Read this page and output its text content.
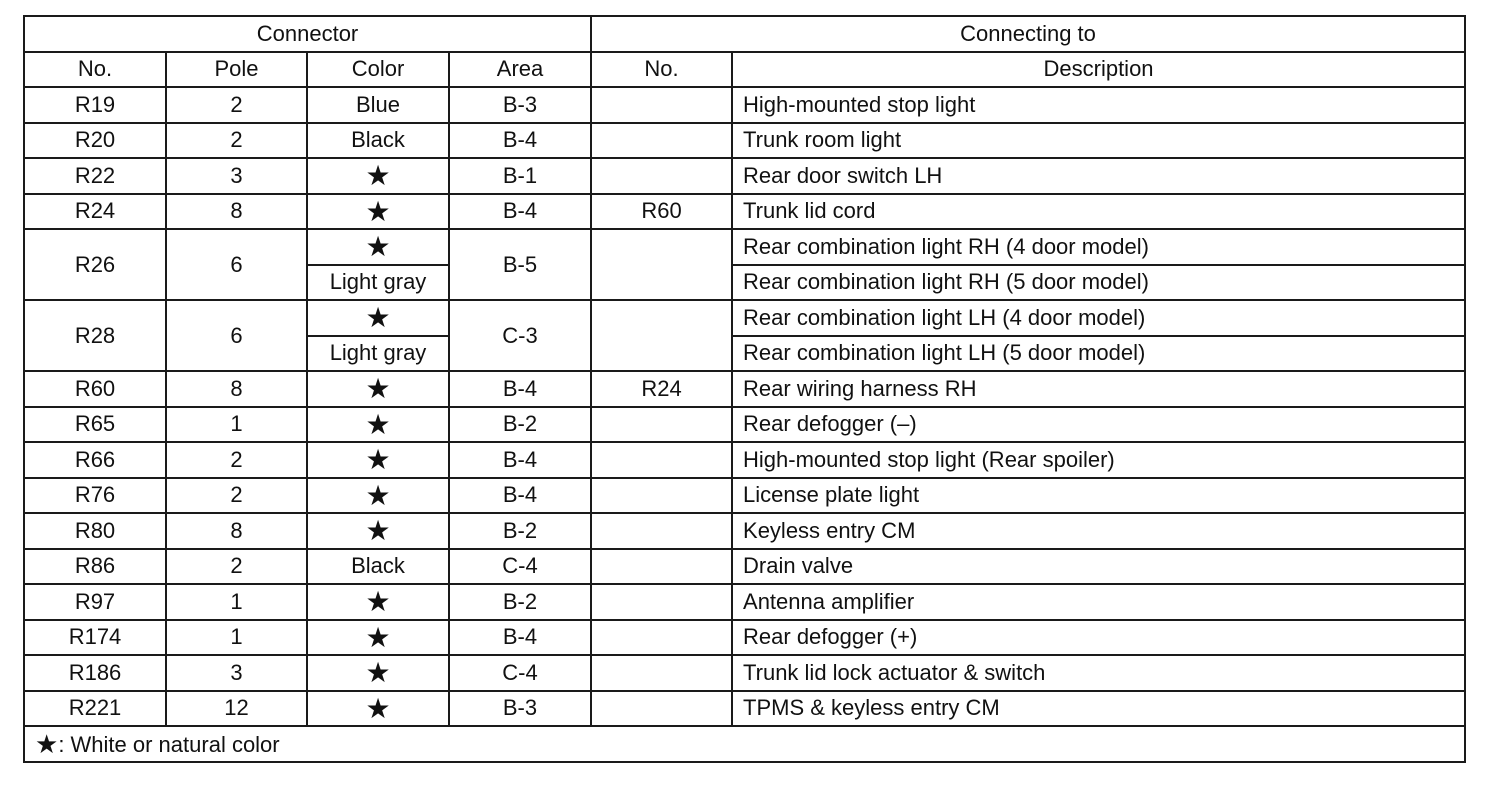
Connector				Connecting to	
No.	Pole	Color	Area	No.	Description
R19	2	Blue	B-3		High-mounted stop light
R20	2	Black	B-4		Trunk room light
R22	3	★	B-1		Rear door switch LH
R24	8	★	B-4	R60	Trunk lid cord
R26	6	★	B-5		Rear combination light RH (4 door model)
		Light gray			Rear combination light RH (5 door model)
R28	6	★	C-3		Rear combination light LH (4 door model)
		Light gray			Rear combination light LH (5 door model)
R60	8	★	B-4	R24	Rear wiring harness RH
R65	1	★	B-2		Rear defogger (–)
R66	2	★	B-4		High-mounted stop light (Rear spoiler)
R76	2	★	B-4		License plate light
R80	8	★	B-2		Keyless entry CM
R86	2	Black	C-4		Drain valve
R97	1	★	B-2		Antenna amplifier
R174	1	★	B-4		Rear defogger (+)
R186	3	★	C-4		Trunk lid lock actuator & switch
R221	12	★	B-3		TPMS & keyless entry CM
★: White or natural color					
